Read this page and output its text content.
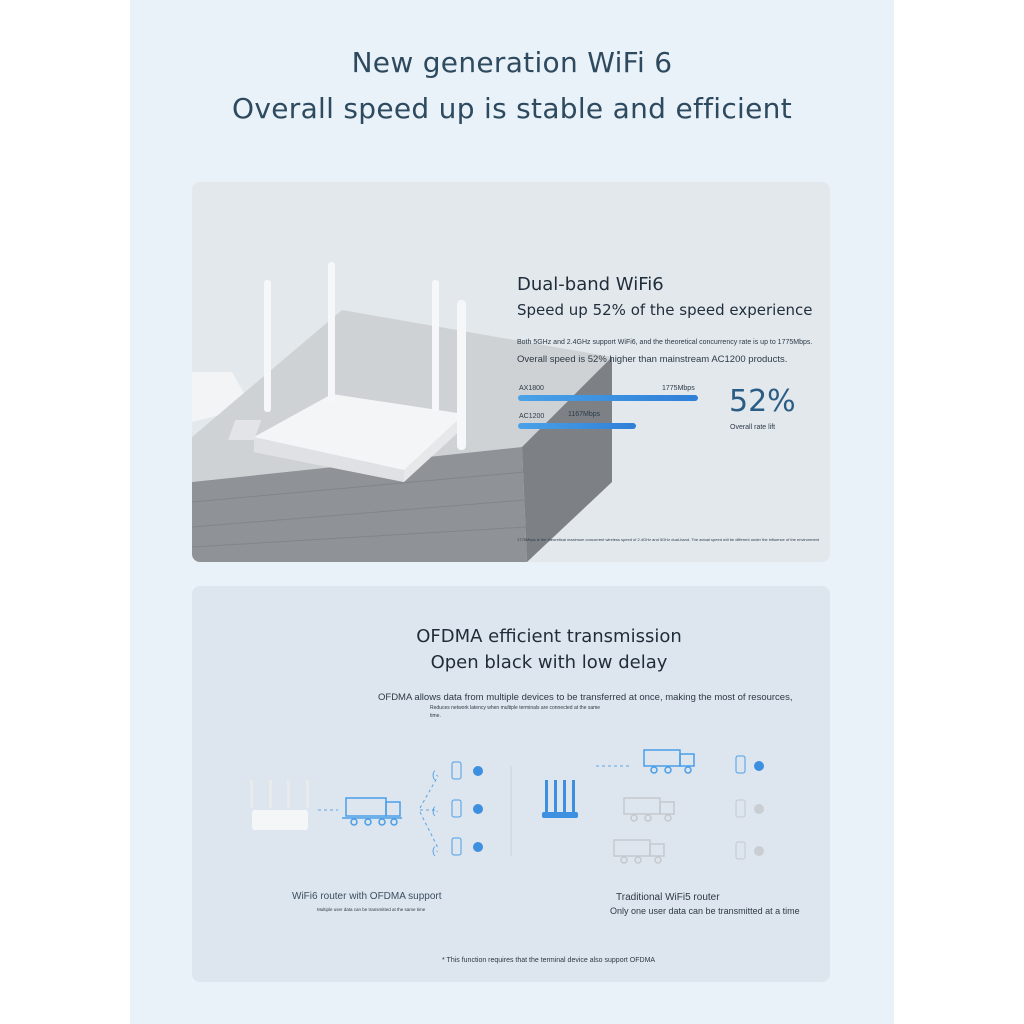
New generation WiFi 6
Overall speed up is stable and efficient
Dual-band WiFi6
Speed up 52% of the speed experience
Both 5GHz and 2.4GHz support WiFi6, and the theoretical concurrency rate is up to 1775Mbps.
Overall speed is 52% higher than mainstream AC1200 products.
AX1800	1775Mbps
AC1200	1167Mbps	52%
Overall rate lift
1775Mbps is the theoretical maximum concurrent wireless speed of 2.4GHz and 5GHz dual-band. The actual speed will be different under the influence of the environment
OFDMA efficient transmission
Open black with low delay
OFDMA allows data from multiple devices to be transferred at once, making the most of resources,
Reduces network latency when multiple terminals are connected at the same
time.
(·
(·
(·
WiFi6 router with OFDMA support
Multiple user data can be transmitted at the same time
Traditional WiFi5 router
Only one user data can be transmitted at a time
* This function requires that the terminal device also support OFDMA
